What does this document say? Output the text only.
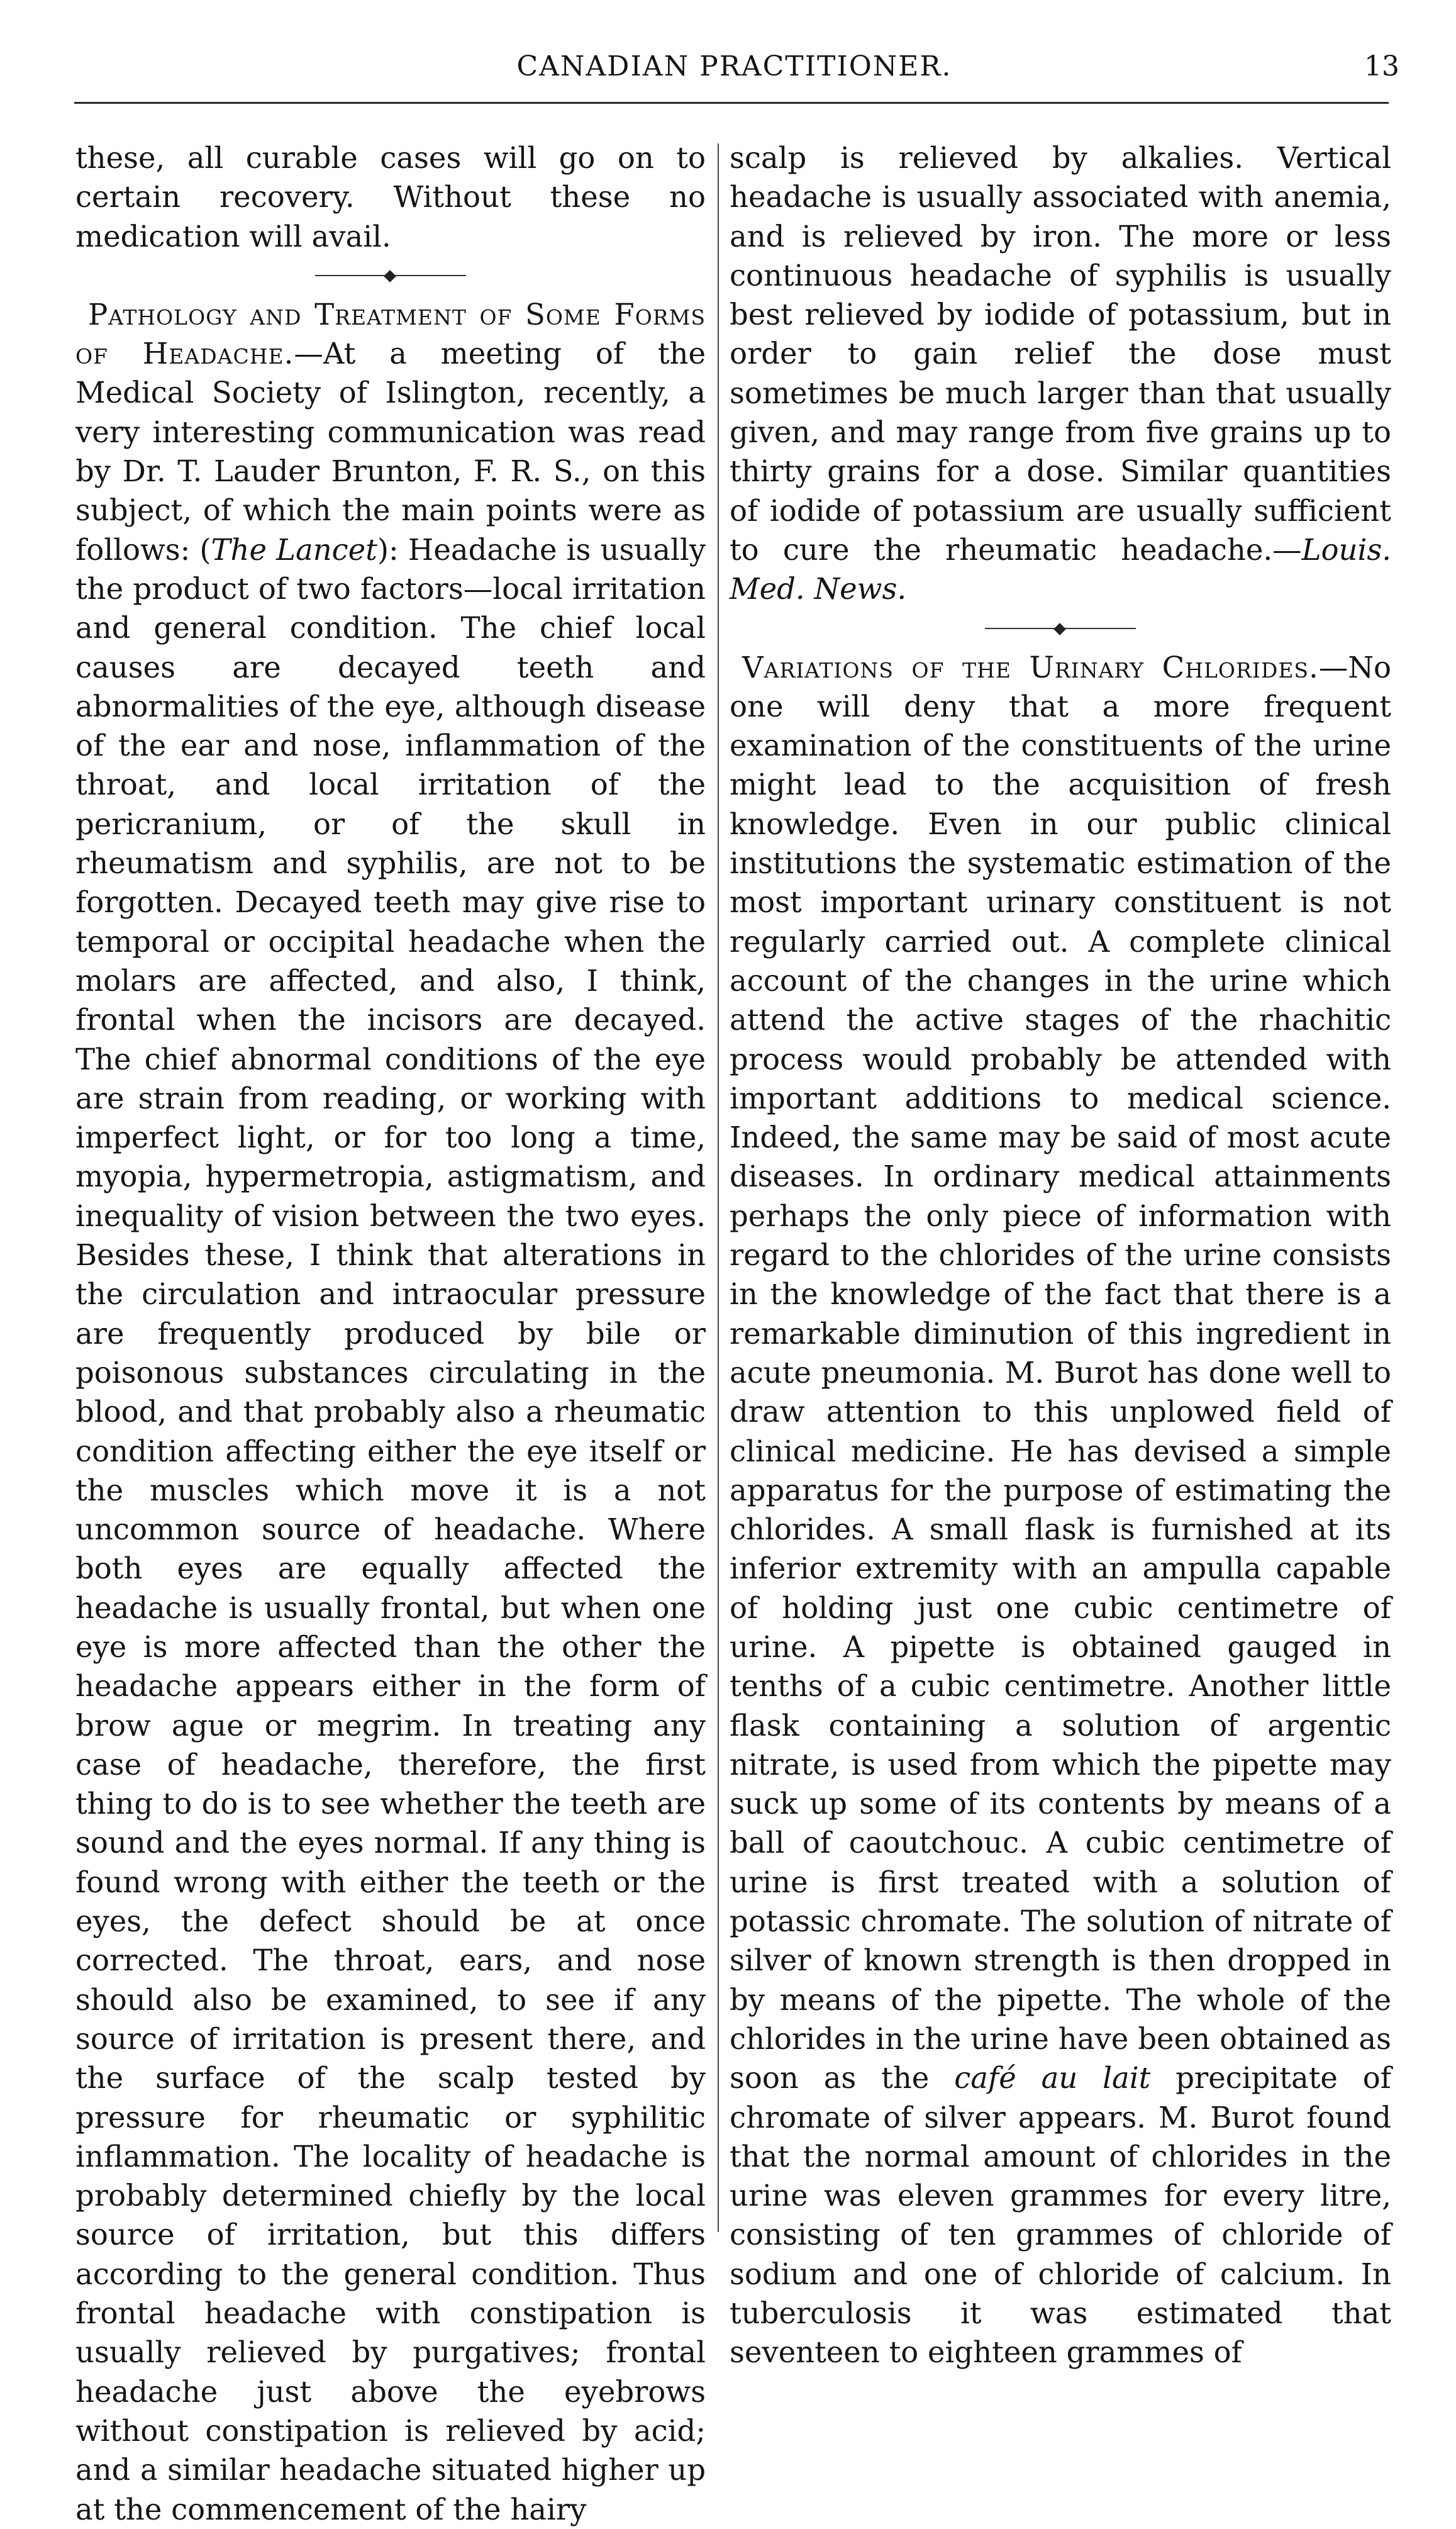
CANADIAN PRACTITIONER.	13

these, all curable cases will go on to certain recovery. Without these no medication will avail.

Pathology and Treatment of Some Forms of Headache.—At a meeting of the Medical Society of Islington, recently, a very interesting communication was read by Dr. T. Lauder Brunton, F. R. S., on this subject, of which the main points were as follows: (The Lancet): Headache is usually the product of two factors—local irritation and general condition. The chief local causes are decayed teeth and abnormalities of the eye, although disease of the ear and nose, inflammation of the throat, and local irritation of the pericranium, or of the skull in rheumatism and syphilis, are not to be forgotten. Decayed teeth may give rise to temporal or occipital headache when the molars are affected, and also, I think, frontal when the incisors are decayed. The chief abnormal conditions of the eye are strain from reading, or working with imperfect light, or for too long a time, myopia, hypermetropia, astigmatism, and inequality of vision between the two eyes. Besides these, I think that alterations in the circulation and intraocular pressure are frequently produced by bile or poisonous substances circulating in the blood, and that probably also a rheumatic condition affecting either the eye itself or the muscles which move it is a not uncommon source of headache. Where both eyes are equally affected the headache is usually frontal, but when one eye is more affected than the other the headache appears either in the form of brow ague or megrim. In treating any case of headache, therefore, the first thing to do is to see whether the teeth are sound and the eyes normal. If any thing is found wrong with either the teeth or the eyes, the defect should be at once corrected. The throat, ears, and nose should also be examined, to see if any source of irritation is present there, and the surface of the scalp tested by pressure for rheumatic or syphilitic inflammation. The locality of headache is probably determined chiefly by the local source of irritation, but this differs according to the general condition. Thus frontal headache with constipation is usually relieved by purgatives; frontal headache just above the eyebrows without constipation is relieved by acid; and a similar headache situated higher up at the commencement of the hairy

scalp is relieved by alkalies. Vertical headache is usually associated with anemia, and is relieved by iron. The more or less continuous headache of syphilis is usually best relieved by iodide of potassium, but in order to gain relief the dose must sometimes be much larger than that usually given, and may range from five grains up to thirty grains for a dose. Similar quantities of iodide of potassium are usually sufficient to cure the rheumatic headache.—Louis. Med. News.

Variations of the Urinary Chlorides.—No one will deny that a more frequent examination of the constituents of the urine might lead to the acquisition of fresh knowledge. Even in our public clinical institutions the systematic estimation of the most important urinary constituent is not regularly carried out. A complete clinical account of the changes in the urine which attend the active stages of the rhachitic process would probably be attended with important additions to medical science. Indeed, the same may be said of most acute diseases. In ordinary medical attainments perhaps the only piece of information with regard to the chlorides of the urine consists in the knowledge of the fact that there is a remarkable diminution of this ingredient in acute pneumonia. M. Burot has done well to draw attention to this unplowed field of clinical medicine. He has devised a simple apparatus for the purpose of estimating the chlorides. A small flask is furnished at its inferior extremity with an ampulla capable of holding just one cubic centimetre of urine. A pipette is obtained gauged in tenths of a cubic centimetre. Another little flask containing a solution of argentic nitrate, is used from which the pipette may suck up some of its contents by means of a ball of caoutchouc. A cubic centimetre of urine is first treated with a solution of potassic chromate. The solution of nitrate of silver of known strength is then dropped in by means of the pipette. The whole of the chlorides in the urine have been obtained as soon as the café au lait precipitate of chromate of silver appears. M. Burot found that the normal amount of chlorides in the urine was eleven grammes for every litre, consisting of ten grammes of chloride of sodium and one of chloride of calcium. In tuberculosis it was estimated that seventeen to eighteen grammes of
